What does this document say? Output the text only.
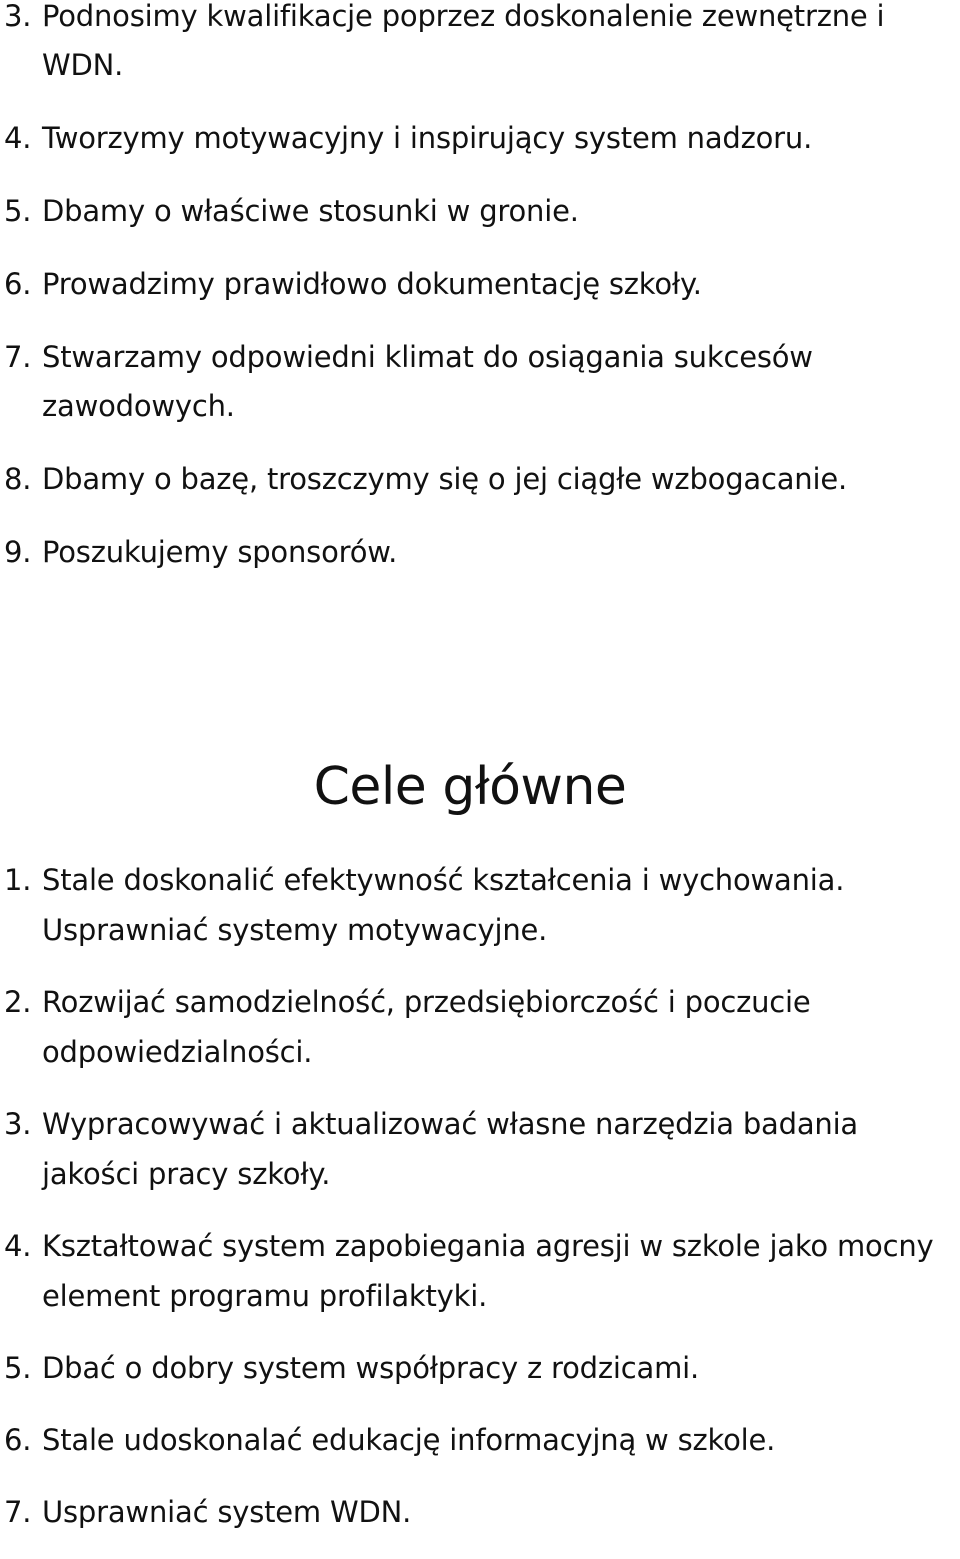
3. Podnosimy kwalifikacje poprzez doskonalenie zewnętrzne i WDN.
4. Tworzymy motywacyjny i inspirujący system nadzoru.
5. Dbamy o właściwe stosunki w gronie.
6. Prowadzimy prawidłowo dokumentację szkoły.
7. Stwarzamy odpowiedni klimat do osiągania sukcesów zawodowych.
8. Dbamy o bazę, troszczymy się o jej ciągłe wzbogacanie.
9. Poszukujemy sponsorów.
Cele główne
1. Stale doskonalić efektywność kształcenia i wychowania. Usprawniać systemy motywacyjne.
2. Rozwijać samodzielność, przedsiębiorczość i poczucie odpowiedzialności.
3. Wypracowywać i aktualizować własne narzędzia badania jakości pracy szkoły.
4. Kształtować system zapobiegania agresji w szkole jako mocny element programu profilaktyki.
5. Dbać o dobry system współpracy z rodzicami.
6. Stale udoskonalać edukację informacyjną w szkole.
7. Usprawniać system WDN.
